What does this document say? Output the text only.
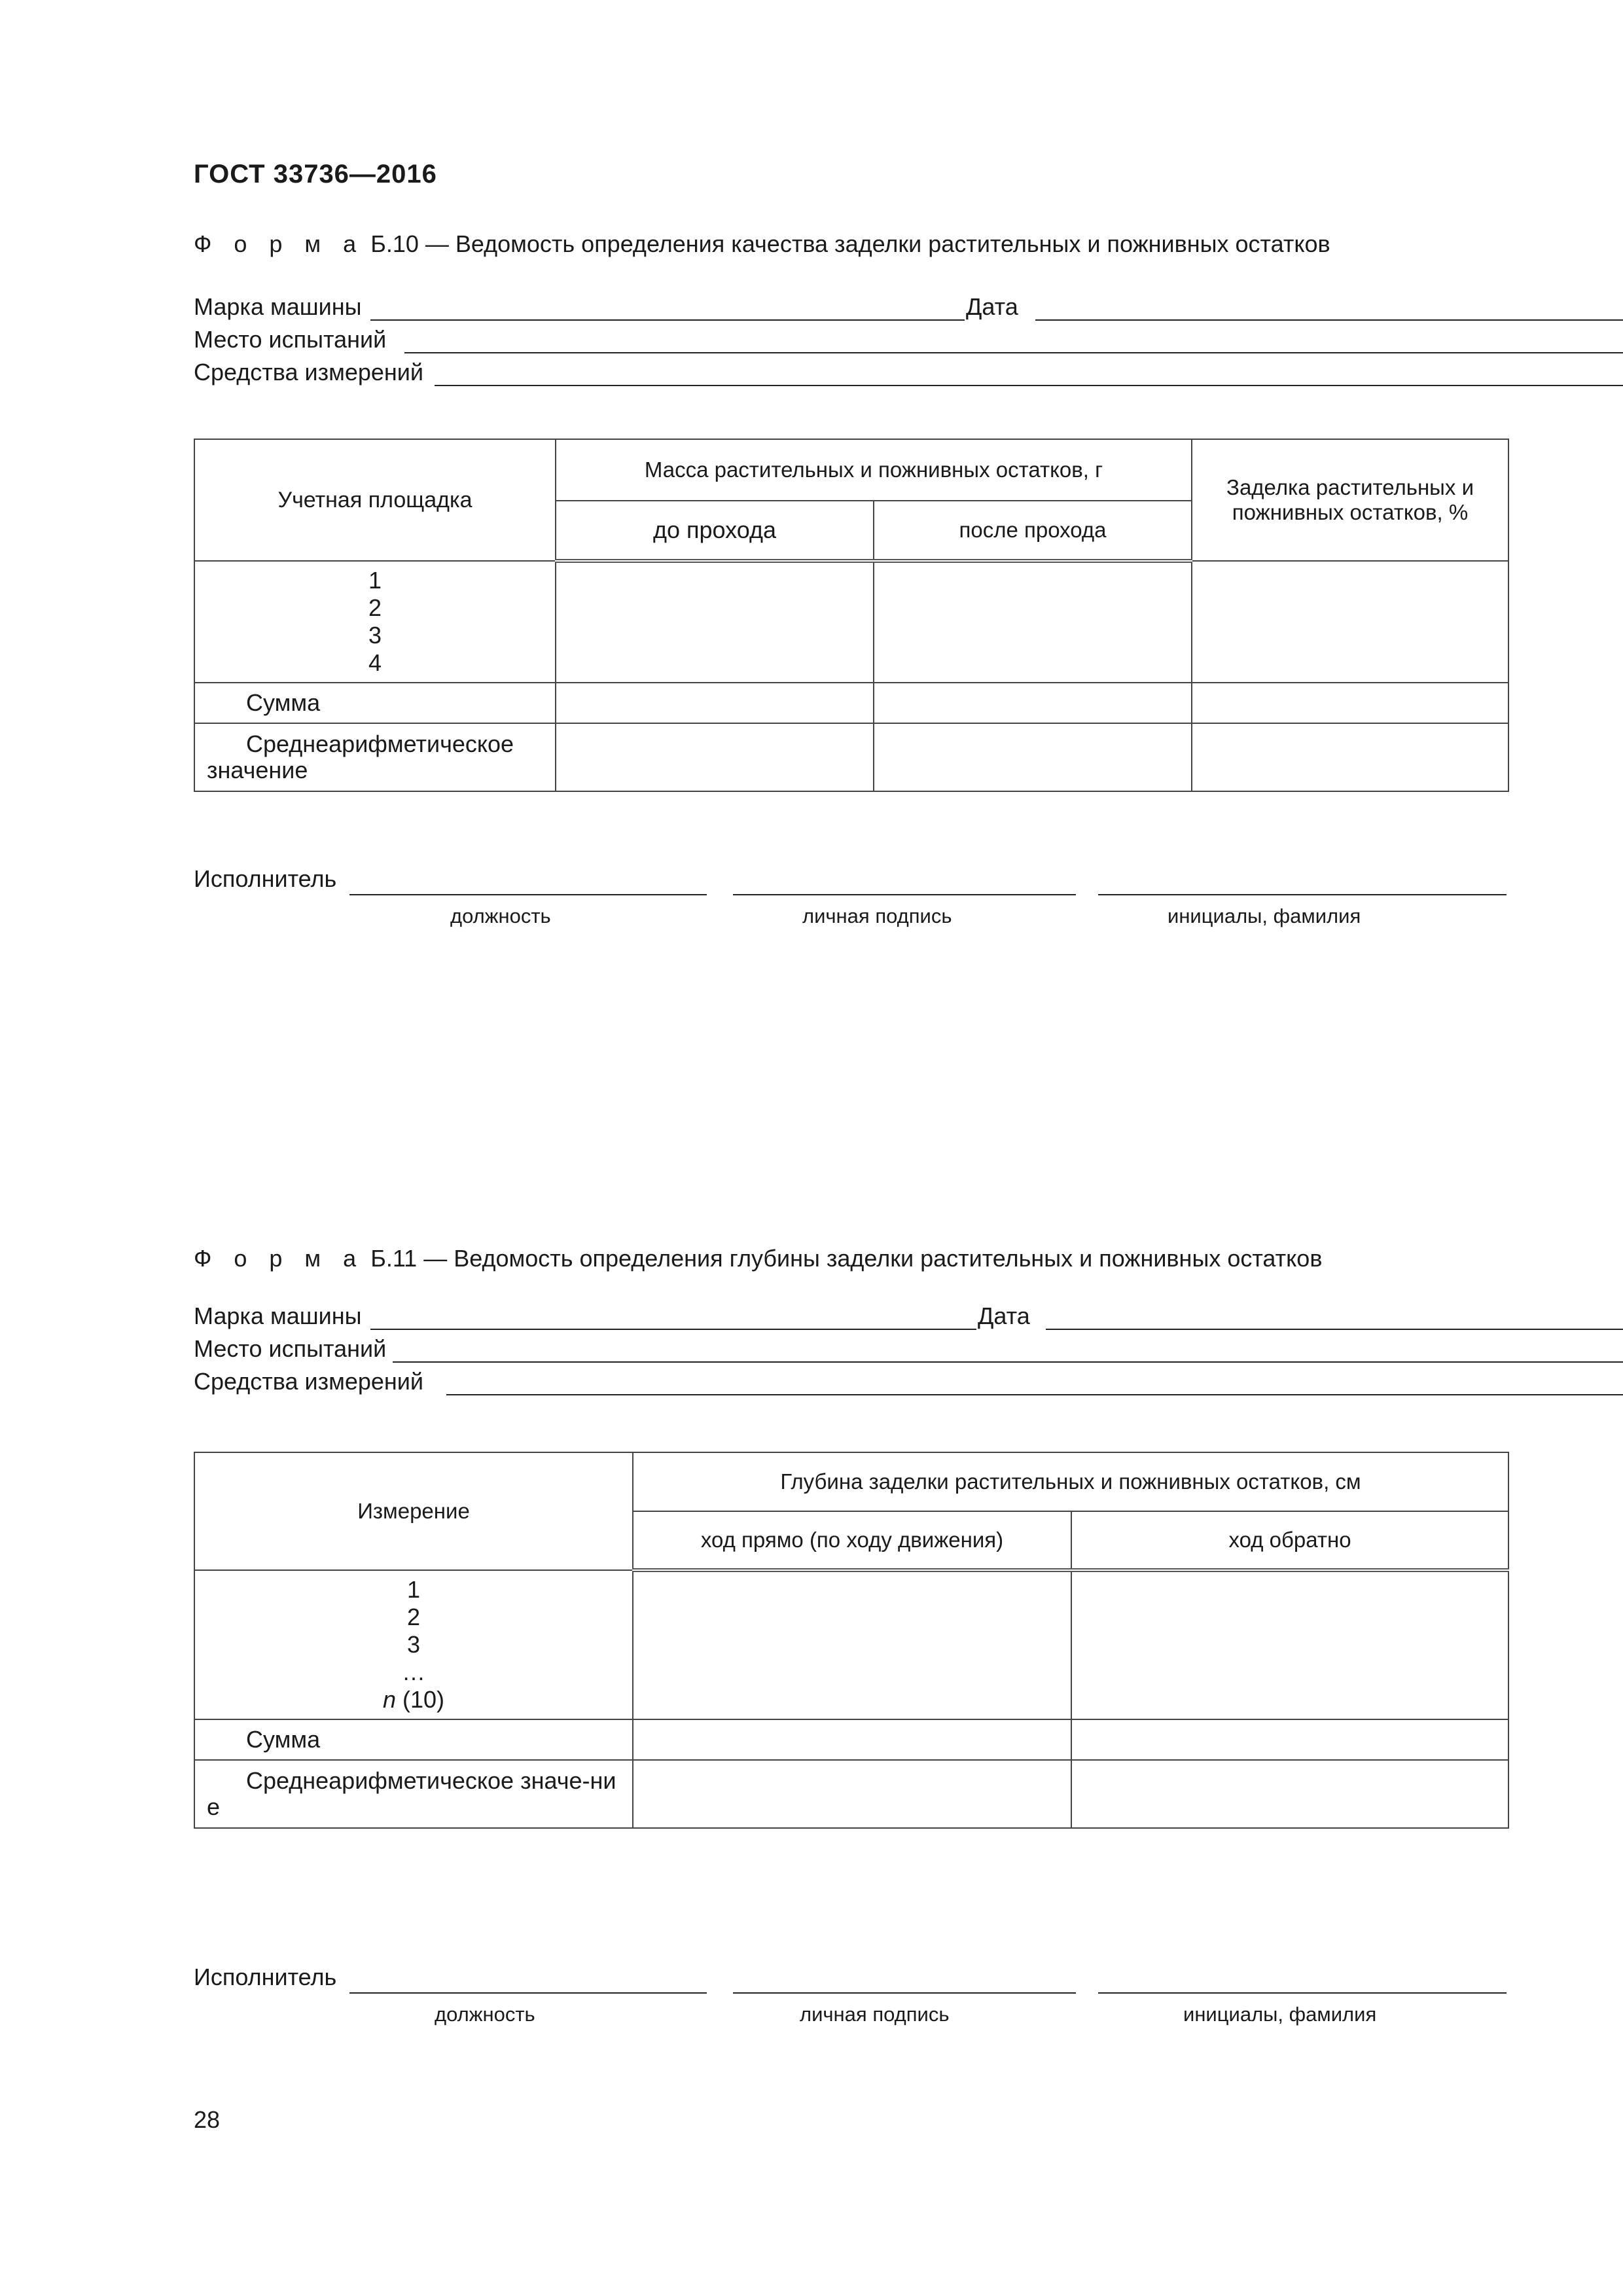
ГОСТ 33736—2016
Ф о р м а Б.10 — Ведомость определения качества заделки растительных и пожнивных остатков
Марка машины	Дата
Место испытаний
Средства измерений
Учетная площадка	Масса растительных и пожнивных остатков, г		Заделка растительных и пожнивных остатков, %
	до прохода	после прохода	

1
2
3
4			

Сумма			
Среднеарифметическое значение			
Исполнитель
должность	личная подпись	инициалы, фамилия
Ф о р м а Б.11 — Ведомость определения глубины заделки растительных и пожнивных остатков
Марка машины	Дата
Место испытаний
Средства измерений
Измерение	Глубина заделки растительных и пожнивных остатков, см	
	ход прямо (по ходу движения)	ход обратно

1
2
3
…
n (10)		

Сумма		
Среднеарифметическое значе-ние		
Исполнитель
должность	личная подпись	инициалы, фамилия
28
